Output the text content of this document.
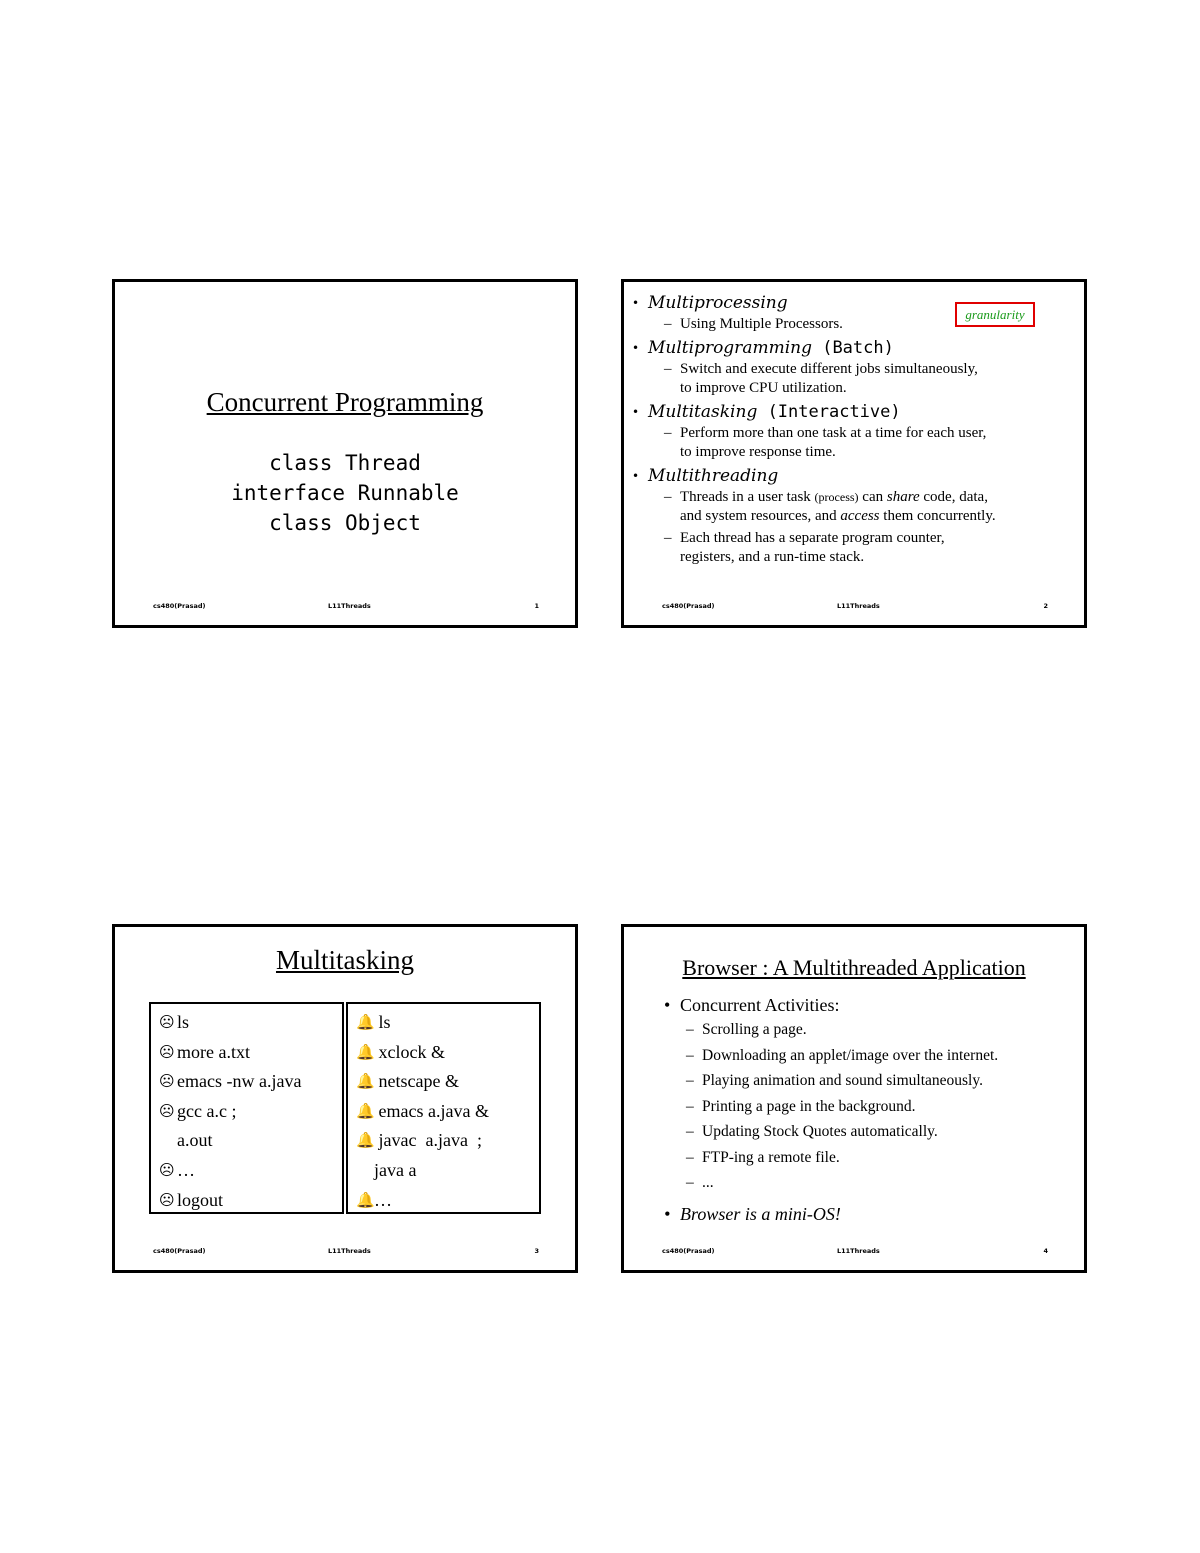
Concurrent Programming
class Thread
interface Runnable
class Object
cs480(Prasad)	L11Threads	1
granularity
• Multiprocessing
– Using Multiple Processors.
• Multiprogramming (Batch)
– Switch and execute different jobs simultaneously,
to improve CPU utilization.
• Multitasking (Interactive)
– Perform more than one task at a time for each user,
to improve response time.
• Multithreading
– Threads in a user task (process) can share code, data,
and system resources, and access them concurrently.
– Each thread has a separate program counter,
registers, and a run-time stack.
cs480(Prasad)	L11Threads	2
Multitasking
☹ ls
☹ more a.txt
☹ emacs -nw a.java
☹ gcc a.c ;
a.out
☹ …
☹ logout
🔔 ls
🔔 xclock &
🔔 netscape &
🔔 emacs a.java &
🔔 javac  a.java  ;
java a
🔔 …
cs480(Prasad)	L11Threads	3
Browser : A Multithreaded Application
• Concurrent Activities:
– Scrolling a page.
– Downloading an applet/image over the internet.
– Playing animation and sound simultaneously.
– Printing a page in the background.
– Updating Stock Quotes automatically.
– FTP-ing a remote file.
– ...
• Browser is a mini-OS!
cs480(Prasad)	L11Threads	4
